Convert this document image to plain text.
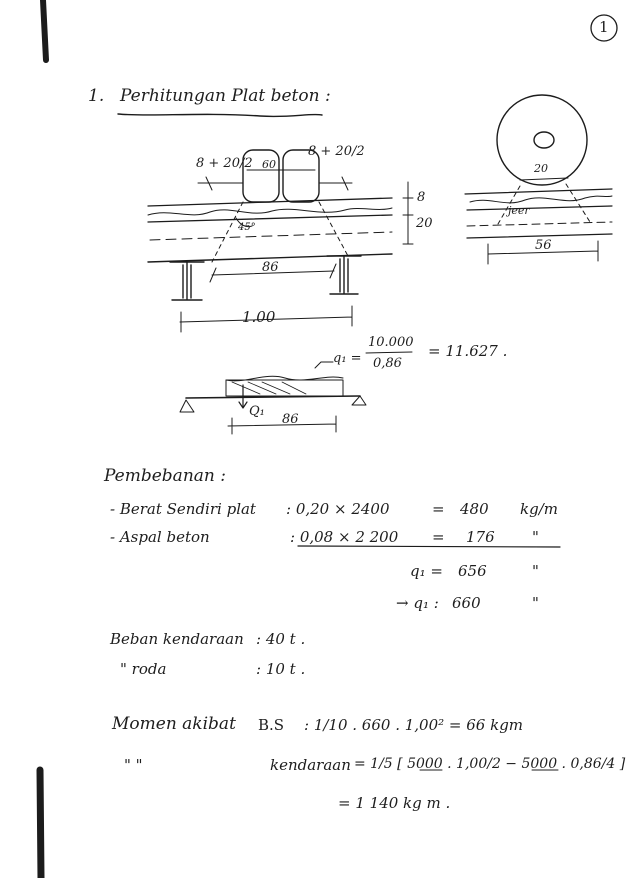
1
1. Perhitungan Plat beton :
8 + 20/2
8 + 20/2
60
45°
8
20
86
1.00
20
jeer
56
q₁ =
10.000
0,86
= 11.627 .
Q₁
86
Pembebanan :
- Berat Sendiri plat : 0,20 × 2400	= 480 kg/m
- Aspal beton	: 0,08 × 2 200 = 176 "
q₁ = 656	"
→ q₁ : 660	"
Beban kendaraan : 40 t .
" roda	: 10 t .
Momen akibat B.S : 1/10 . 660 . 1,00² = 66 kgm
" "	kendaraan = 1/5 [ 5000 . 1,00/2 − 5000 . 0,86/4 ]
= 1 140 kg m .
